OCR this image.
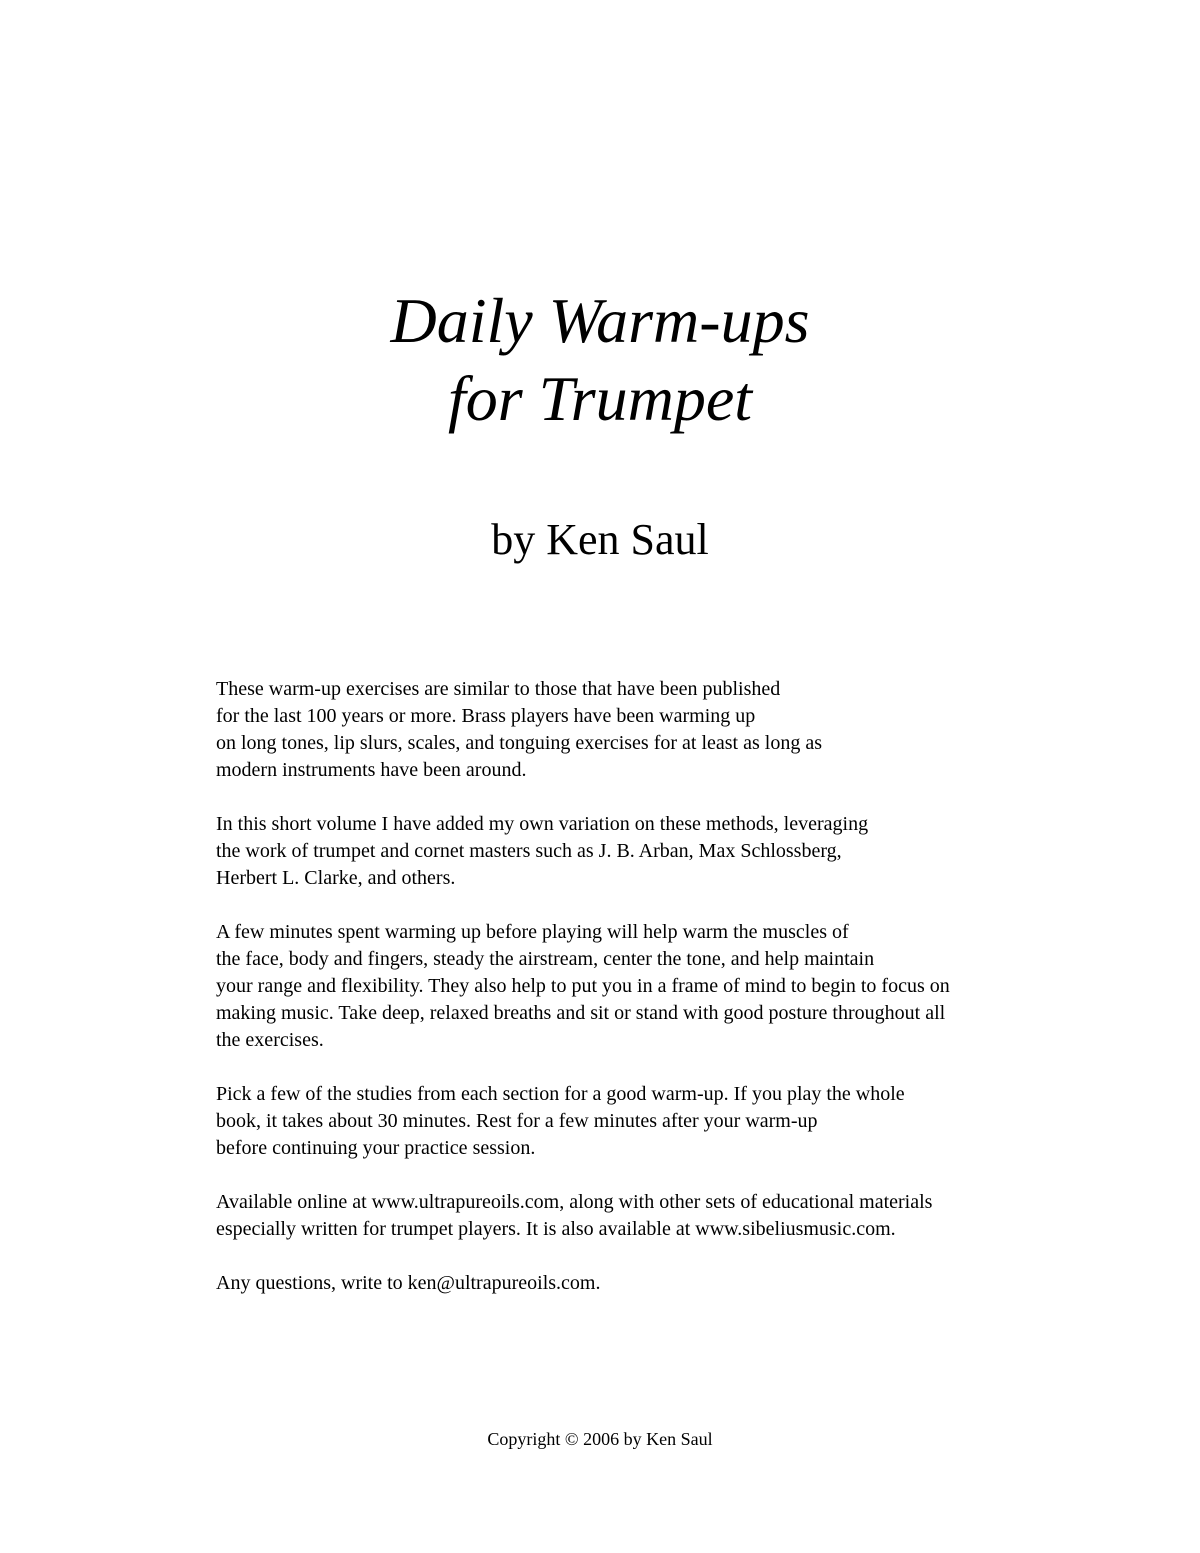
Daily Warm-ups
for Trumpet
by Ken Saul

These warm-up exercises are similar to those that have been published
for the last 100 years or more. Brass players have been warming up
on long tones, lip slurs, scales, and tonguing exercises for at least as long as
modern instruments have been around.

In this short volume I have added my own variation on these methods, leveraging
the work of trumpet and cornet masters such as J. B. Arban, Max Schlossberg,
Herbert L. Clarke, and others.

A few minutes spent warming up before playing will help warm the muscles of
the face, body and fingers, steady the airstream, center the tone, and help maintain
your range and flexibility. They also help to put you in a frame of mind to begin to focus on
making music. Take deep, relaxed breaths and sit or stand with good posture throughout all
the exercises.

Pick a few of the studies from each section for a good warm-up. If you play the whole
book, it takes about 30 minutes. Rest for a few minutes after your warm-up
before continuing your practice session.

Available online at www.ultrapureoils.com, along with other sets of educational materials
especially written for trumpet players. It is also available at www.sibeliusmusic.com.

Any questions, write to ken@ultrapureoils.com.

Copyright © 2006 by Ken Saul
